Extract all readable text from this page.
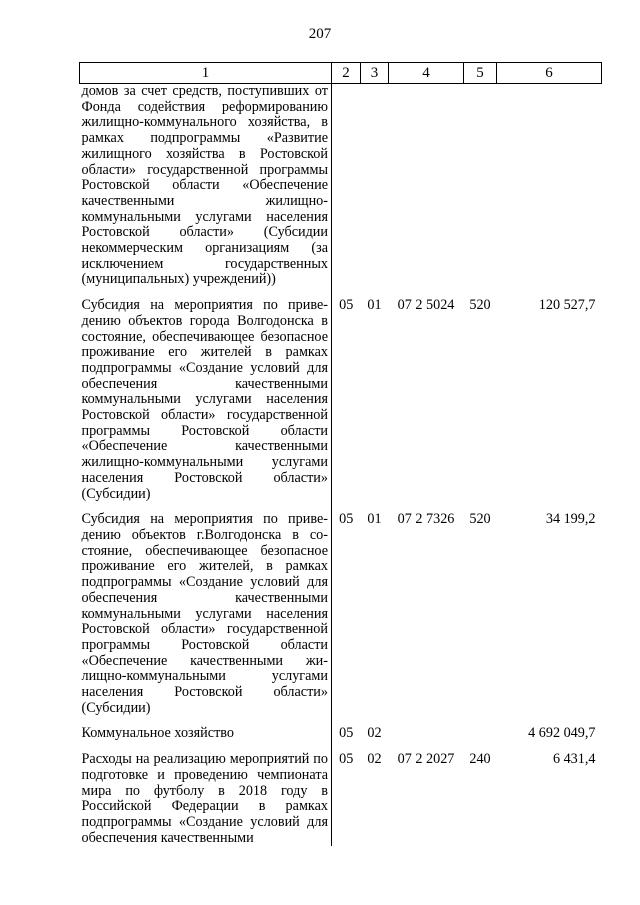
207
1	2	3	4	5	6
домов за счет средств, поступивших от Фонда содействия реформированию жилищно-коммунального хозяйства, в рамках подпрограммы «Развитие жилищного хозяйства в Ростовской области» государственной программы Ростовской области «Обеспечение качественными жилищно-коммунальными услугами населения Ростовской области» (Субсидии некоммерческим организациям (за исключением государственных (муниципальных) учреждений))					

Субсидия на мероприятия по приведению объектов города Волгодонска в состояние, обеспечивающее безопасное проживание его жителей в рамках подпрограммы «Создание условий для обеспечения качественными коммунальными услугами населения Ростовской области» государственной программы Ростовской области «Обеспечение качественными жилищно-коммунальными услугами населения Ростовской области» (Субсидии)	05	01	07 2 5024	520	120 527,7

Субсидия на мероприятия по приведению объектов г.Волгодонска в состояние, обеспечивающее безопасное проживание его жителей, в рамках подпрограммы «Создание условий для обеспечения качественными коммунальными услугами населения Ростовской области» государственной программы Ростовской области «Обеспечение качественными жилищно-коммунальными услугами населения Ростовской области» (Субсидии)	05	01	07 2 7326	520	34 199,2

Коммунальное хозяйство	05	02			4 692 049,7

Расходы на реализацию мероприятий по подготовке и проведению чемпионата мира по футболу в 2018 году в Российской Федерации в рамках подпрограммы «Создание условий для обеспечения качественными	05	02	07 2 2027	240	6 431,4
